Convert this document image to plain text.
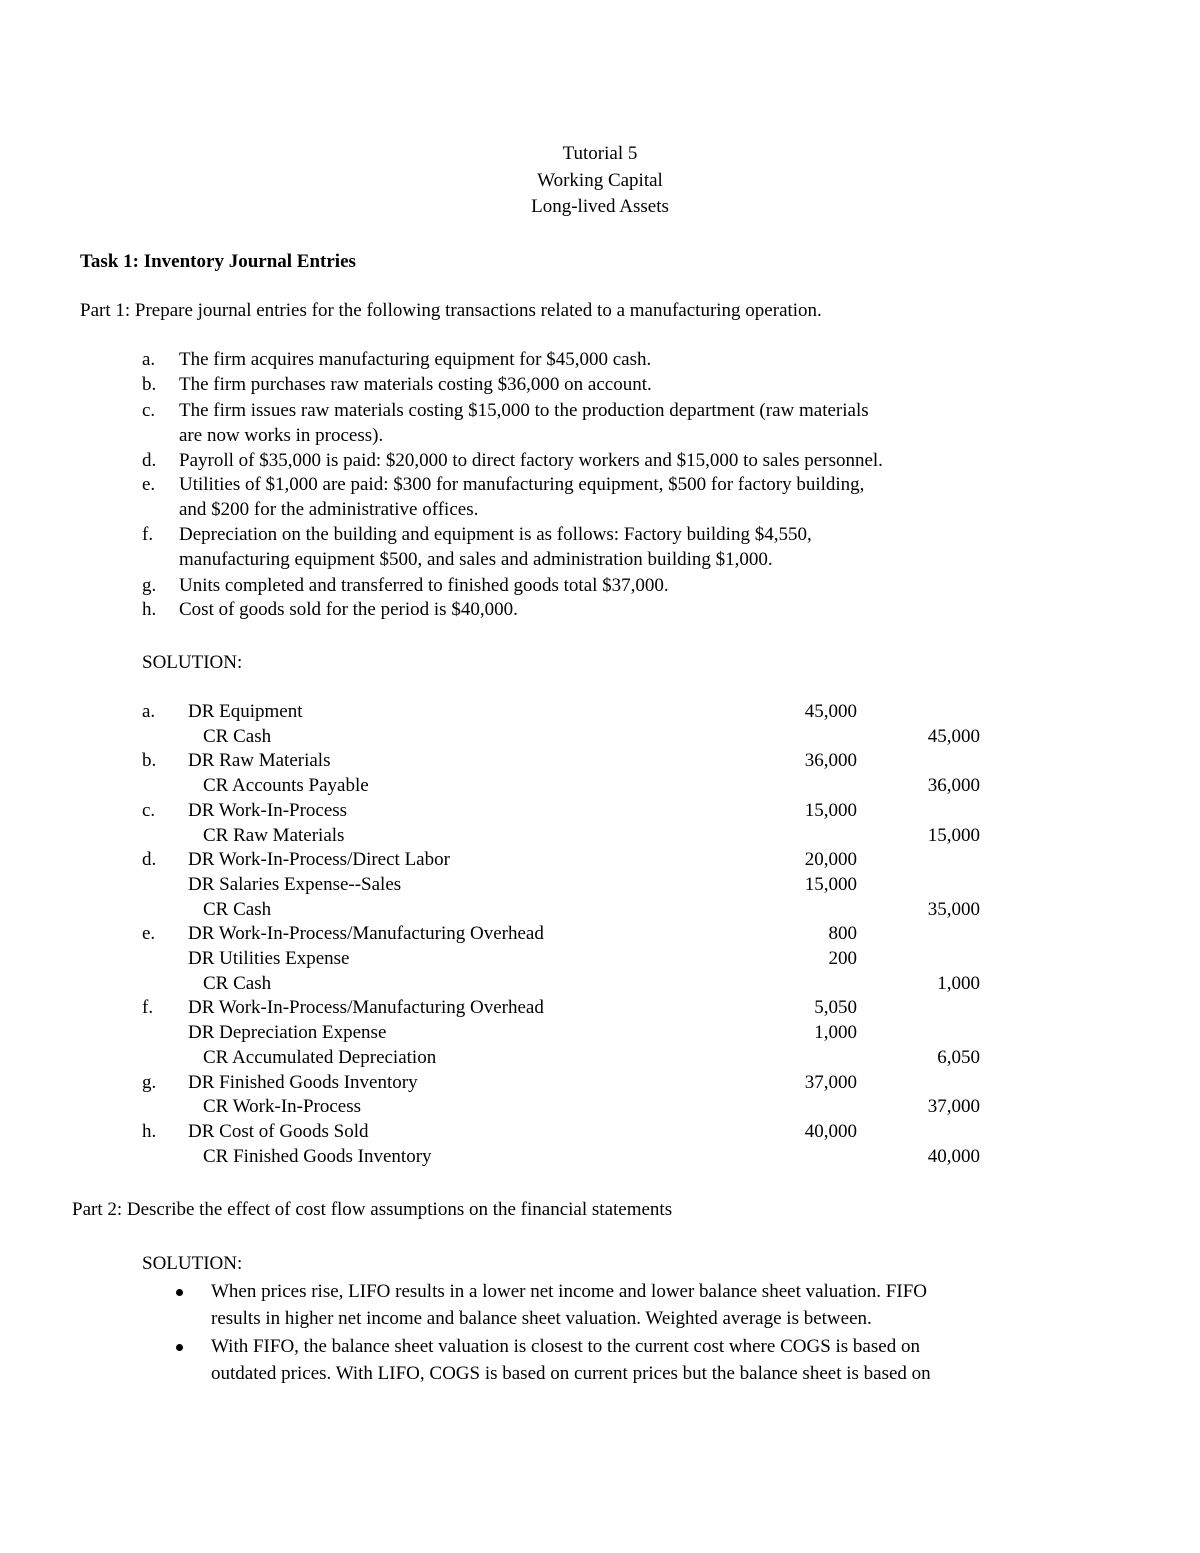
Tutorial 5
Working Capital
Long-lived Assets
Task 1: Inventory Journal Entries
Part 1: Prepare journal entries for the following transactions related to a manufacturing operation.
a. The firm acquires manufacturing equipment for $45,000 cash.
b. The firm purchases raw materials costing $36,000 on account.
c. The firm issues raw materials costing $15,000 to the production department (raw materials
are now works in process).
d. Payroll of $35,000 is paid: $20,000 to direct factory workers and $15,000 to sales personnel.
e. Utilities of $1,000 are paid: $300 for manufacturing equipment, $500 for factory building,
and $200 for the administrative offices.
f. Depreciation on the building and equipment is as follows: Factory building $4,550,
manufacturing equipment $500, and sales and administration building $1,000.
g. Units completed and transferred to finished goods total $37,000.
h. Cost of goods sold for the period is $40,000.
SOLUTION:
a. DR Equipment	45,000
CR Cash	45,000
b. DR Raw Materials	36,000
CR Accounts Payable	36,000
c. DR Work-In-Process	15,000
CR Raw Materials	15,000
d. DR Work-In-Process/Direct Labor	20,000
DR Salaries Expense--Sales	15,000
CR Cash	35,000
e. DR Work-In-Process/Manufacturing Overhead	800
DR Utilities Expense	200
CR Cash	1,000
f. DR Work-In-Process/Manufacturing Overhead	5,050
DR Depreciation Expense	1,000
CR Accumulated Depreciation	6,050
g. DR Finished Goods Inventory	37,000
CR Work-In-Process	37,000
h. DR Cost of Goods Sold	40,000
CR Finished Goods Inventory	40,000
Part 2: Describe the effect of cost flow assumptions on the financial statements
SOLUTION:
When prices rise, LIFO results in a lower net income and lower balance sheet valuation. FIFO
results in higher net income and balance sheet valuation. Weighted average is between.
With FIFO, the balance sheet valuation is closest to the current cost where COGS is based on
outdated prices. With LIFO, COGS is based on current prices but the balance sheet is based on
